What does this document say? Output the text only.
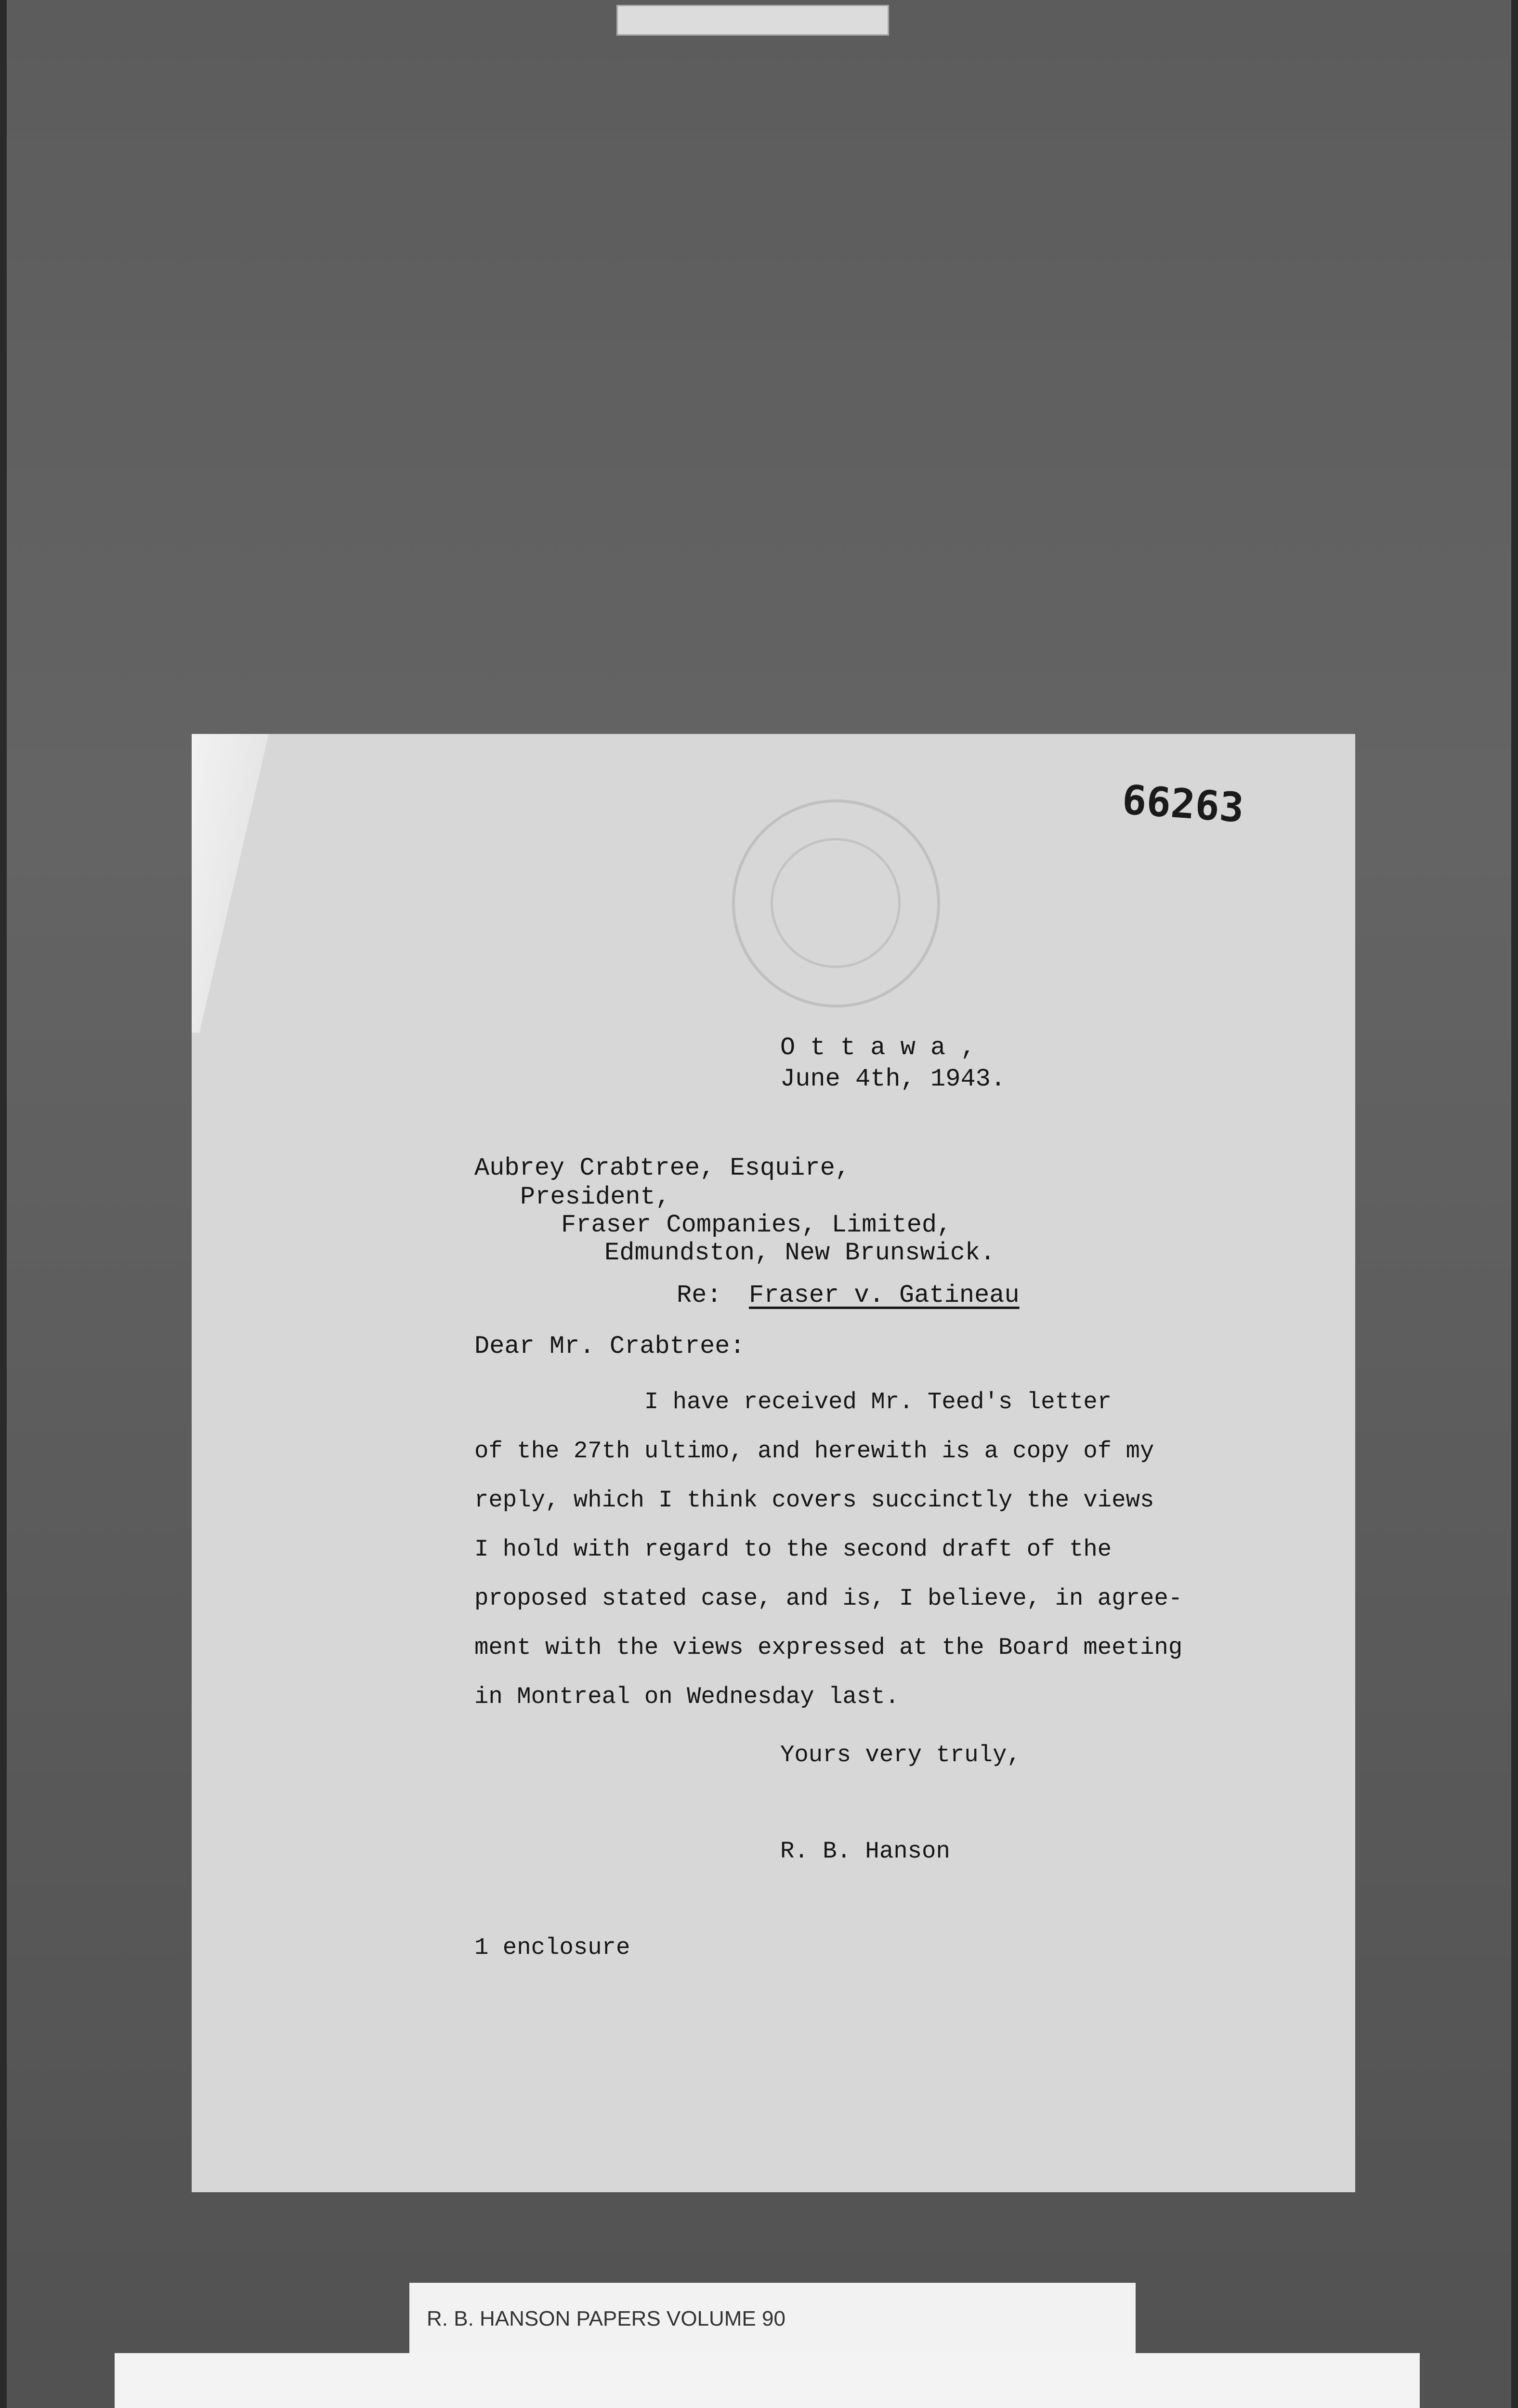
66263
O t t a w a ,
June 4th, 1943.
Aubrey Crabtree, Esquire,
President,
Fraser Companies, Limited,
Edmundston, New Brunswick.
Re: Fraser v. Gatineau
Dear Mr. Crabtree:
I have received Mr. Teed's letter
of the 27th ultimo, and herewith is a copy of my
reply, which I think covers succinctly the views
I hold with regard to the second draft of the
proposed stated case, and is, I believe, in agree-
ment with the views expressed at the Board meeting
in Montreal on Wednesday last.
Yours very truly,
R. B. Hanson
1 enclosure
R. B. HANSON PAPERS VOLUME 90
